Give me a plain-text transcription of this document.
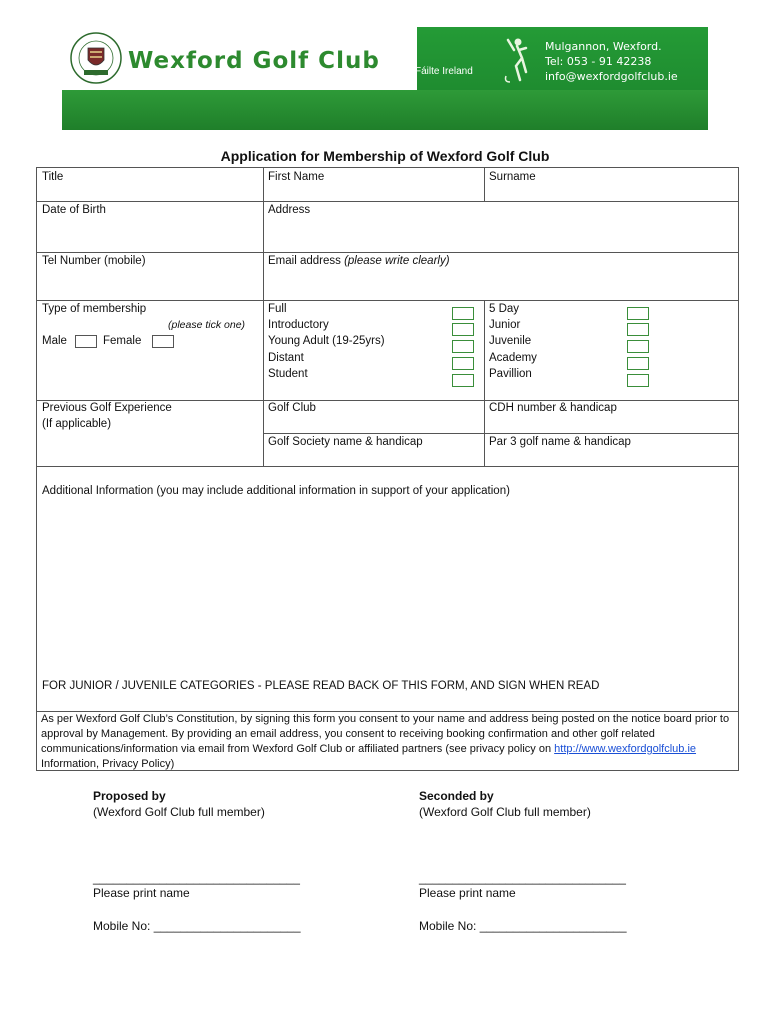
Wexford Golf Club	Fáilte Ireland
Mulgannon, Wexford.
Tel: 053 - 91 42238
info@wexfordgolfclub.ie
Application for Membership of Wexford Golf Club
Title	First Name	Surname
Date of Birth	Address
Tel Number (mobile)	Email address (please write clearly)
Type of membership
(please tick one)
Male	Female
Full
Introductory
Young Adult (19-25yrs)
Distant
Student
5 Day
Junior
Juvenile
Academy
Pavillion
Previous Golf Experience
(If applicable)
Golf Club	CDH number & handicap
Golf Society name & handicap	Par 3 golf name & handicap
Additional Information (you may include additional information in support of your application)
FOR JUNIOR / JUVENILE CATEGORIES - PLEASE READ BACK OF THIS FORM, AND SIGN WHEN READ
As per Wexford Golf Club’s Constitution, by signing this form you consent to your name and address being posted on the notice board prior to approval by Management. By providing an email address, you consent to receiving booking confirmation and other golf related communications/information via email from Wexford Golf Club or affiliated partners (see privacy policy on http://www.wexfordgolfclub.ie Information, Privacy Policy)
Proposed by
(Wexford Golf Club full member)
_______________________________
Please print name
Mobile No: ______________________
Seconded by
(Wexford Golf Club full member)
_______________________________
Please print name
Mobile No: ______________________
